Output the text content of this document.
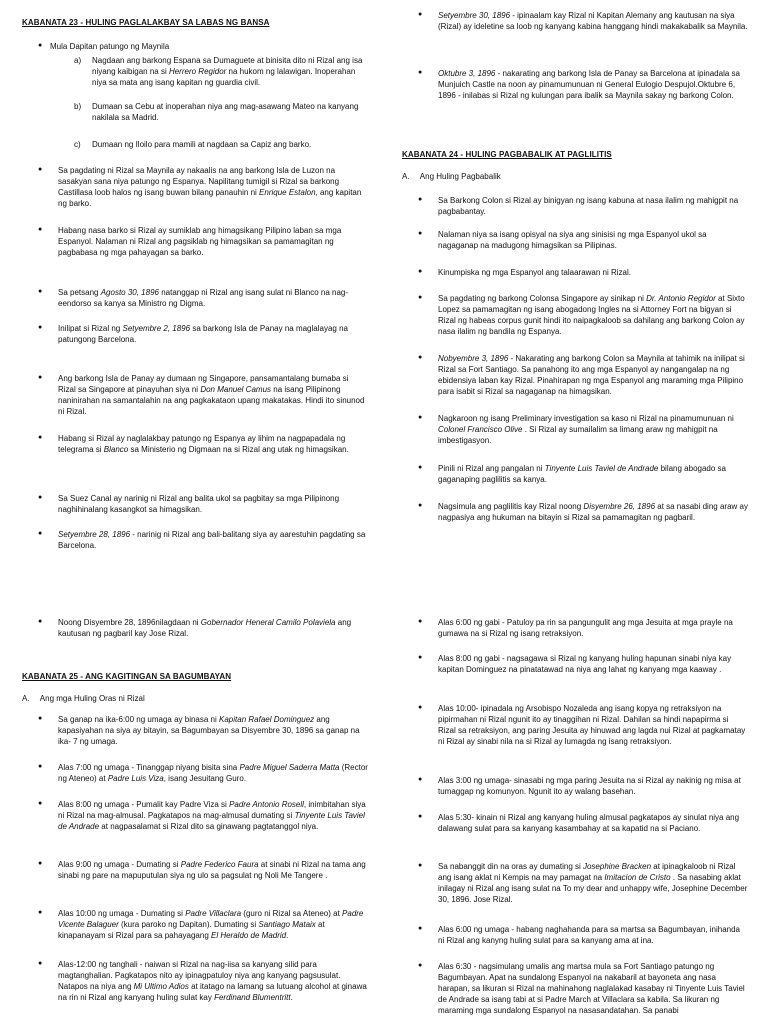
KABANATA 23 - HULING PAGLALAKBAY SA LABAS NG BANSA
● Mula Dapitan patungo ng Maynila
a) Nagdaan ang barkong Espana sa Dumaguete at binisita dito ni Rizal ang isa niyang kaibigan na si Herrero Regidor na hukom ng lalawigan. Inoperahan niya sa mata ang isang kapitan ng guardia civil.
b) Dumaan sa Cebu at inoperahan niya ang mag-asawang Mateo na kanyang nakilala sa Madrid.
c) Dumaan ng Iloilo para mamili at nagdaan sa Capiz ang barko.
● Sa pagdating ni Rizal sa Maynila ay nakaalis na ang barkong Isla de Luzon na sasakyan sana niya patungo ng Espanya. Napilitang tumigil si Rizal sa barkong Castillasa loob halos ng isang buwan bilang panauhin ni Enrique Estalon, ang kapitan ng barko.
● Habang nasa barko si Rizal ay sumiklab ang himagsikang Pilipino laban sa mga Espanyol. Nalaman ni Rizal ang pagsiklab ng himagsikan sa pamamagitan ng pagbabasa ng mga pahayagan sa barko.
● Sa petsang Agosto 30, 1896 natanggap ni Rizal ang isang sulat ni Blanco na nag-eendorso sa kanya sa Ministro ng Digma.
● Inilipat si Rizal ng Setyembre 2, 1896 sa barkong Isla de Panay na maglalayag na patungong Barcelona.
● Ang barkong Isla de Panay ay dumaan ng Singapore, pansamantalang bumaba si Rizal sa Singapore at pinayuhan siya ni Don Manuel Camus na isang Pilipinong naninirahan na samantalahin na ang pagkakataon upang makatakas. Hindi ito sinunod ni Rizal.
● Habang si Rizal ay naglalakbay patungo ng Espanya ay lihim na nagpapadala ng telegrama si Blanco sa Ministerio ng Digmaan na si Rizal ang utak ng himagsikan.
● Sa Suez Canal ay narinig ni Rizal ang balita ukol sa pagbitay sa mga Pilipinong naghihinalang kasangkot sa himagsikan.
● Setyembre 28, 1896 - narinig ni Rizal ang bali-balitang siya ay aarestuhin pagdating sa Barcelona.
● Setyembre 30, 1896 - ipinaalam kay Rizal ni Kapitan Alemany ang kautusan na siya (Rizal) ay ideletine sa loob ng kanyang kabina hanggang hindi makakabalik sa Maynila.
● Oktubre 3, 1896 - nakarating ang barkong Isla de Panay sa Barcelona at ipinadala sa Munjuich Castle na noon ay pinamumunuan ni General Eulogio Despujol.Oktubre 6, 1896 - inilabas si Rizal ng kulungan para ibalik sa Maynila sakay ng barkong Colon.
KABANATA 24 - HULING PAGBABALIK AT PAGLILITIS
A. Ang Huling Pagbabalik
● Sa Barkong Colon si Rizal ay binigyan ng isang kabuna at nasa ilalim ng mahigpit na pagbabantay.
● Nalaman niya sa isang opisyal na siya ang sinisisi ng mga Espanyol ukol sa nagaganap na madugong himagsikan sa Pilipinas.
● Kinumpiska ng mga Espanyol ang talaarawan ni Rizal.
● Sa pagdating ng barkong Colonsa Singapore ay sinikap ni Dr. Antonio Regidor at Sixto Lopez sa pamamagitan ng isang abogadong Ingles na si Attorney Fort na bigyan si Rizal ng habeas corpus gunit hindi ito naipagkaloob sa dahilang ang barkong Colon ay nasa ilalim ng bandila ng Espanya.
● Nobyembre 3, 1896 - Nakarating ang barkong Colon sa Maynila at tahimik na inilipat si Rizal sa Fort Santiago. Sa panahong ito ang mga Espanyol ay nangangalap na ng ebidensiya laban kay Rizal. Pinahirapan ng mga Espanyol ang maraming mga Pilipino para isabit si Rizal sa nagaganap na himagsikan.
● Nagkaroon ng isang Preliminary investigation sa kaso ni Rizal na pinamumunuan ni Colonel Francisco Olive . Si Rizal ay sumailalim sa limang araw ng mahigpit na imbestigasyon.
● Pinili ni Rizal ang pangalan ni Tinyente Luis Taviel de Andrade bilang abogado sa gaganaping paglilitis sa kanya.
● Nagsimula ang paglilitis kay Rizal noong Disyembre 26, 1896 at sa nasabi ding araw ay nagpasiya ang hukuman na bitayin si Rizal sa pamamagitan ng pagbaril.
● Noong Disyembre 28, 1896nilagdaan ni Gobernador Heneral Camilo Polaviela ang kautusan ng pagbaril kay Jose Rizal.
KABANATA 25 - ANG KAGITINGAN SA BAGUMBAYAN
A. Ang mga Huling Oras ni Rizal
● Sa ganap na ika-6:00 ng umaga ay binasa ni Kapitan Rafael Dominguez ang kapasiyahan na siya ay bitayin, sa Bagumbayan sa Disyembre 30, 1896 sa ganap na ika- 7 ng umaga.
● Alas 7:00 ng umaga - Tinanggap niyang bisita sina Padre Miguel Saderra Matta (Rector ng Ateneo) at Padre Luis Viza, isang Jesuitang Guro.
● Alas 8:00 ng umaga - Pumalit kay Padre Viza si Padre Antonio Rosell, inimbitahan siya ni Rizal na mag-almusal. Pagkatapos na mag-almusal dumating si Tinyente Luis Taviel de Andrade at nagpasalamat si Rizal dito sa ginawang pagtatanggol niya.
● Alas 9:00 ng umaga - Dumating si Padre Federico Faura at sinabi ni Rizal na tama ang sinabi ng pare na mapuputulan siya ng ulo sa pagsulat ng Noli Me Tangere .
● Alas 10:00 ng umaga - Dumating si Padre Villaclara (guro ni Rizal sa Ateneo) at Padre Vicente Balaguer (kura paroko ng Dapitan). Dumating si Santiago Mataix at kinapanayam si Rizal para sa pahayagang El Heraldo de Madrid.
● Alas-12:00 ng tanghali - naiwan si Rizal na nag-iisa sa kanyang silid para magtanghalian. Pagkatapos nito ay ipinagpatuloy niya ang kanyang pagsusulat. Natapos na niya ang Mi Ultimo Adios at itatago na lamang sa lutuang alcohol at ginawa na rin ni Rizal ang kanyang huling sulat kay Ferdinand Blumentritt.
● Alas 6:00 ng gabi - Patuloy pa rin sa pangungulit ang mga Jesuita at mga prayle na gumawa na si Rizal ng isang retraksiyon.
● Alas 8:00 ng gabi - nagsagawa si Rizal ng kanyang huling hapunan sinabi niya kay kapitan Dominguez na pinatatawad na niya ang lahat ng kanyang mga kaaway .
● Alas 10:00- ipinadala ng Arsobispo Nozaleda ang isang kopya ng retraksiyon na pipirmahan ni Rizal ngunit ito ay tinaggihan ni Rizal. Dahilan sa hindi napapirma si Rizal sa retraksiyon, ang paring Jesuita ay hinuwad ang lagda nui Rizal at pagkamatay ni Rizal ay sinabi nila na si Rizal ay lumagda ng isang retraksiyon.
● Alas 3:00 ng umaga- sinasabi ng mga paring Jesuita na si Rizal ay nakinig ng misa at tumaggap ng komunyon. Ngunit ito ay walang basehan.
● Alas 5:30- kinain ni Rizal ang kanyang huling almusal pagkatapos ay sinulat niya ang dalawang sulat para sa kanyang kasambahay at sa kapatid na si Paciano.
● Sa nabanggit din na oras ay dumating si Josephine Bracken at ipinagkaloob ni Rizal ang isang aklat ni Kempis na may pamagat na Imitacion de Cristo . Sa nasabing aklat inilagay ni Rizal ang isang sulat na To my dear and unhappy wife, Josephine December 30, 1896. Jose Rizal.
● Alas 6:00 ng umaga - habang naghahanda para sa martsa sa Bagumbayan, inihanda ni Rizal ang kanyng huling sulat para sa kanyang ama at ina.
● Alas 6:30 - nagsimulang umalis ang martsa mula sa Fort Santiago patungo ng Bagumbayan. Apat na sundalong Espanyol na nakabaril at bayoneta ang nasa harapan, sa likuran si Rizal na mahinahong naglalakad kasabay ni Tinyente Luis Taviel de Andrade sa isang tabi at si Padre March at Villaclara sa kabila. Sa likuran ng maraming mga sundalong Espanyol na nasasandatahan. Sa panabi
